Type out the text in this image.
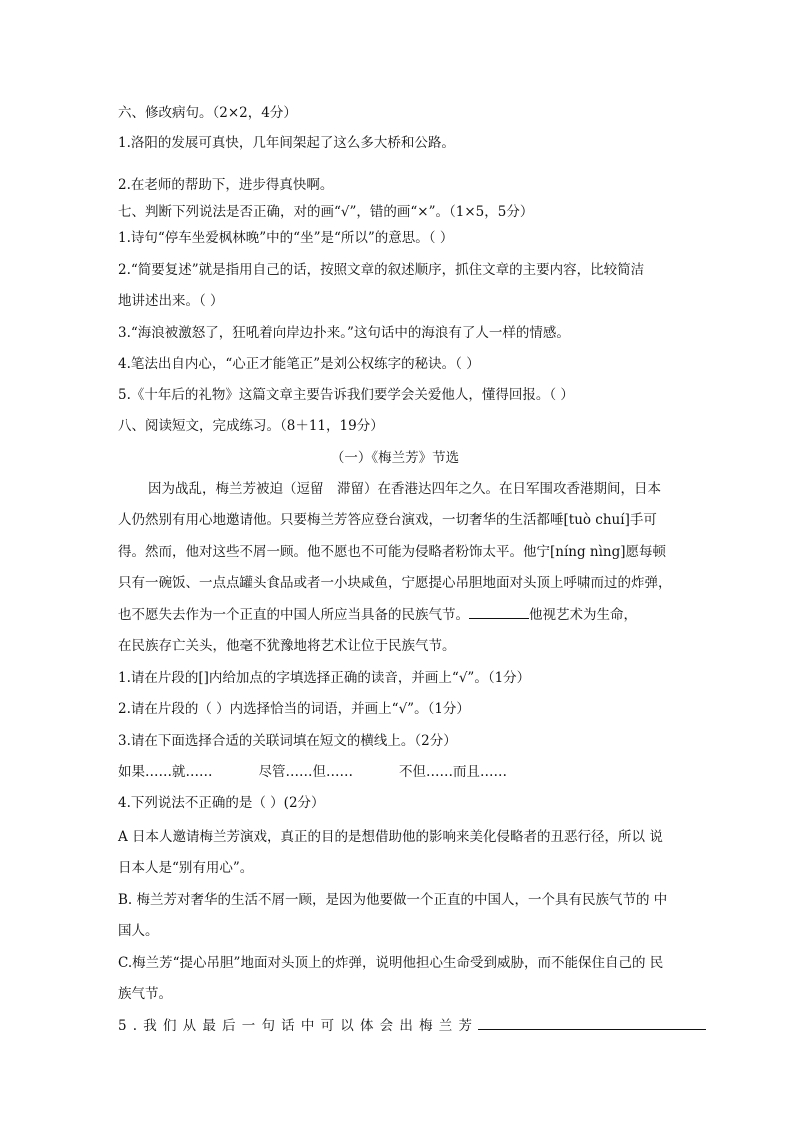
六、修改病句。（2×2，4分）
1.洛阳的发展可真快，几年间架起了这么多大桥和公路。
2.在老师的帮助下，进步得真快啊。
七、判断下列说法是否正确，对的画“√”，错的画“×”。（1×5，5分）
1.诗句“停车坐爱枫林晚”中的“坐”是“所以”的意思。（ ）
2.“简要复述”就是指用自己的话，按照文章的叙述顺序，抓住文章的主要内容，比较简洁
地讲述出来。（ ）
3.“海浪被激怒了，狂吼着向岸边扑来。”这句话中的海浪有了人一样的情感。
4.笔法出自内心，“心正才能笔正”是刘公权练字的秘诀。（ ）
5.《十年后的礼物》这篇文章主要告诉我们要学会关爱他人，懂得回报。（ ）
八、阅读短文，完成练习。（8＋11，19分）
（一）《梅兰芳》节选
因为战乱，梅兰芳被迫（逗留　滞留）在香港达四年之久。在日军围攻香港期间，日本
人仍然别有用心地邀请他。只要梅兰芳答应登台演戏，一切奢华的生活都唾[tuò chuí]手可
得。然而，他对这些不屑一顾。他不愿也不可能为侵略者粉饰太平。他宁[níng nìng]愿每顿
只有一碗饭、一点点罐头食品或者一小块咸鱼，宁愿提心吊胆地面对头顶上呼啸而过的炸弹，
也不愿失去作为一个正直的中国人所应当具备的民族气节。	他视艺术为生命，
在民族存亡关头，他毫不犹豫地将艺术让位于民族气节。
1.请在片段的[]内给加点的字填选择正确的读音，并画上“√”。（1分）
2.请在片段的（ ）内选择恰当的词语，并画上“√”。（1分）
3.请在下面选择合适的关联词填在短文的横线上。（2分）
如果……就……	尽管……但……	不但……而且……
4.下列说法不正确的是（ ）(2分）
A 日本人邀请梅兰芳演戏，真正的目的是想借助他的影响来美化侵略者的丑恶行径，所以 说
日本人是“别有用心”。
B. 梅兰芳对奢华的生活不屑一顾，是因为他要做一个正直的中国人，一个具有民族气节的 中
国人。
C.梅兰芳“提心吊胆”地面对头顶上的炸弹，说明他担心生命受到威胁，而不能保住自己的 民
族气节。
5.我们从最后一句话中可以体会出梅兰芳
